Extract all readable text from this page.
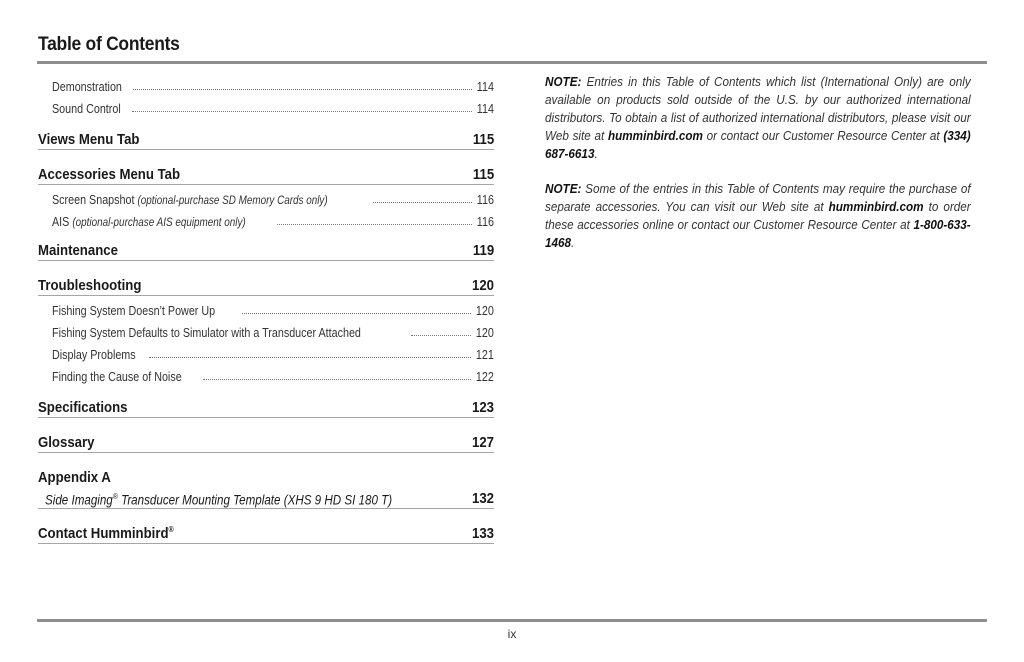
Table of Contents
Demonstration	114
Sound Control	114
Views Menu Tab	115
Accessories Menu Tab	115
Screen Snapshot (optional-purchase SD Memory Cards only)	116
AIS (optional-purchase AIS equipment only)	116
Maintenance	119
Troubleshooting	120
Fishing System Doesn’t Power Up	120
Fishing System Defaults to Simulator with a Transducer Attached	120
Display Problems	121
Finding the Cause of Noise	122
Specifications	123
Glossary	127
Appendix A
Side Imaging® Transducer Mounting Template (XHS 9 HD SI 180 T)	132
Contact Humminbird®	133

NOTE: Entries in this Table of Contents which list (International Only) are only available on products sold outside of the U.S. by our authorized international distributors. To obtain a list of authorized international distributors, please visit our Web site at humminbird.com or contact our Customer Resource Center at (334) 687-6613.

NOTE: Some of the entries in this Table of Contents may require the purchase of separate accessories. You can visit our Web site at humminbird.com to order these accessories online or contact our Customer Resource Center at 1-800-633-1468.

ix
